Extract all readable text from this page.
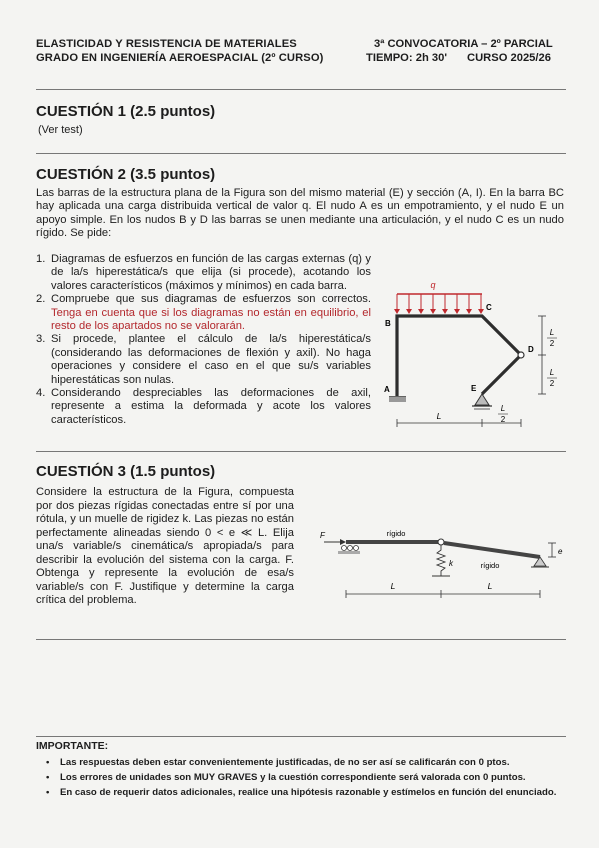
ELASTICIDAD Y RESISTENCIA DE MATERIALES
GRADO EN INGENIERÍA AEROESPACIAL (2º CURSO)
3ª CONVOCATORIA – 2º PARCIAL
TIEMPO: 2h 30' CURSO 2025/26
CUESTIÓN 1 (2.5 puntos)
(Ver test)
CUESTIÓN 2 (3.5 puntos)
Las barras de la estructura plana de la Figura son del mismo material (E) y sección (A, I). En la barra BC hay aplicada una carga distribuida vertical de valor q. El nudo A es un empotramiento, y el nudo E un apoyo simple. En los nudos B y D las barras se unen mediante una articulación, y el nudo C es un nudo rígido. Se pide:
1. Diagramas de esfuerzos en función de las cargas externas (q) y de la/s hiperestática/s que elija (si procede), acotando los valores característicos (máximos y mínimos) en cada barra.
2. Compruebe que sus diagramas de esfuerzos son correctos. Tenga en cuenta que si los diagramas no están en equilibrio, el resto de los apartados no se valorarán.
3. Si procede, plantee el cálculo de la/s hiperestática/s (considerando las deformaciones de flexión y axil). No haga operaciones y considere el caso en el que su/s variables hiperestáticas son nulas.
4. Considerando despreciables las deformaciones de axil, represente a estima la deformada y acote los valores característicos.
q
A
B
C
D
E
L
L
2
L
2
L
2
CUESTIÓN 3 (1.5 puntos)
Considere la estructura de la Figura, compuesta por dos piezas rígidas conectadas entre sí por una rótula, y un muelle de rigidez k. Las piezas no están perfectamente alineadas siendo 0 < e ≪ L. Elija una/s variable/s cinemática/s apropiada/s para describir la evolución del sistema con la carga. F. Obtenga y represente la evolución de esa/s variable/s con F. Justifique y determine la carga crítica del problema.
F	rígido
rígido
k
e
L	L
IMPORTANTE:
• Las respuestas deben estar convenientemente justificadas, de no ser así se calificarán con 0 ptos.
• Los errores de unidades son MUY GRAVES y la cuestión correspondiente será valorada con 0 puntos.
• En caso de requerir datos adicionales, realice una hipótesis razonable y estímelos en función del enunciado.
